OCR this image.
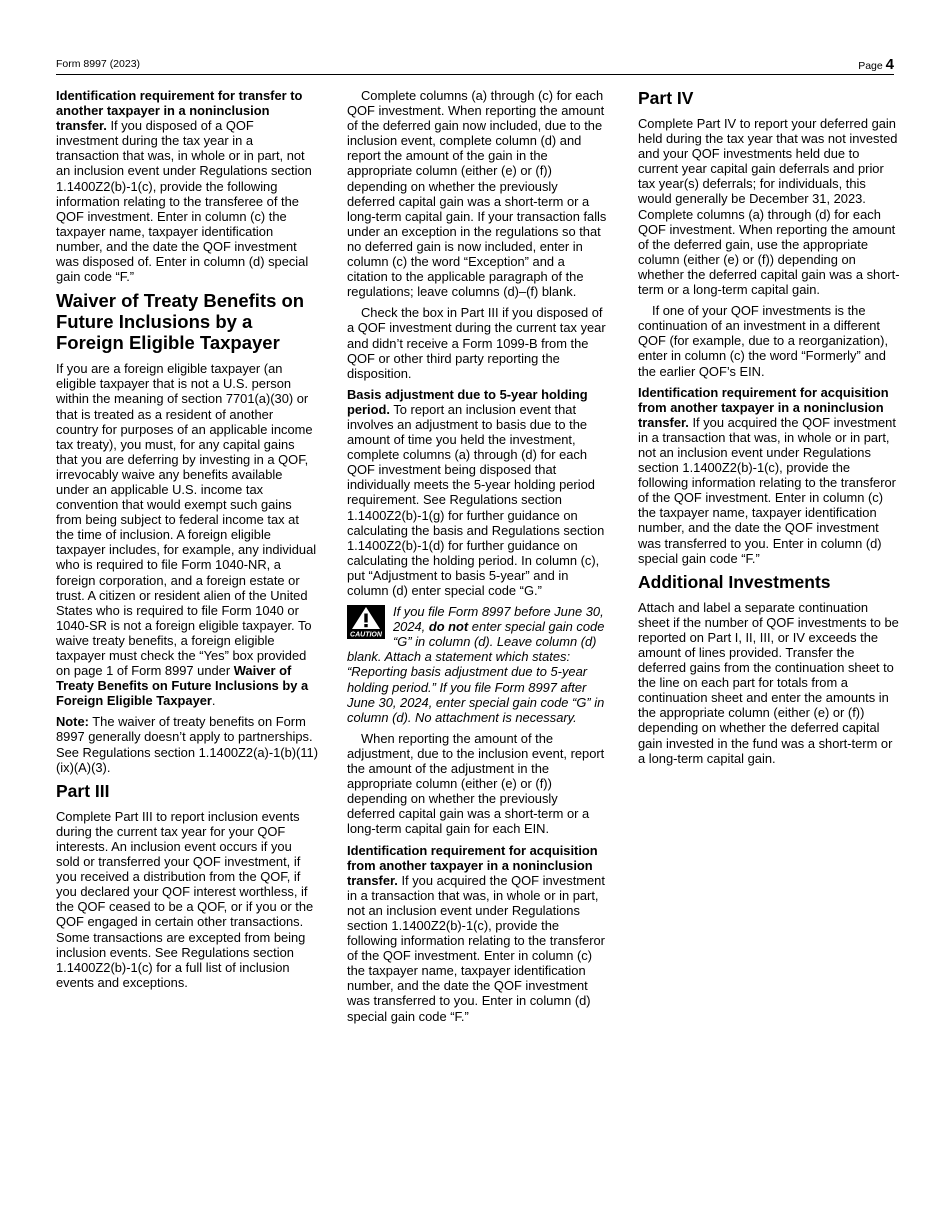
Form 8997 (2023)	Page 4

Identification requirement for transfer to another taxpayer in a noninclusion transfer. If you disposed of a QOF investment during the tax year in a transaction that was, in whole or in part, not an inclusion event under Regulations section 1.1400Z2(b)-1(c), provide the following information relating to the transferee of the QOF investment. Enter in column (c) the taxpayer name, taxpayer identification number, and the date the QOF investment was disposed of. Enter in column (d) special gain code “F.”

Waiver of Treaty Benefits on Future Inclusions by a Foreign Eligible Taxpayer

If you are a foreign eligible taxpayer (an eligible taxpayer that is not a U.S. person within the meaning of section 7701(a)(30) or that is treated as a resident of another country for purposes of an applicable income tax treaty), you must, for any capital gains that you are deferring by investing in a QOF, irrevocably waive any benefits available under an applicable U.S. income tax convention that would exempt such gains from being subject to federal income tax at the time of inclusion. A foreign eligible taxpayer includes, for example, any individual who is required to file Form 1040-NR, a foreign corporation, and a foreign estate or trust. A citizen or resident alien of the United States who is required to file Form 1040 or 1040-SR is not a foreign eligible taxpayer. To waive treaty benefits, a foreign eligible taxpayer must check the “Yes” box provided on page 1 of Form 8997 under Waiver of Treaty Benefits on Future Inclusions by a Foreign Eligible Taxpayer.

Note: The waiver of treaty benefits on Form 8997 generally doesn’t apply to partnerships. See Regulations section 1.1400Z2(a)-1(b)(11)(ix)(A)(3).

Part III

Complete Part III to report inclusion events during the current tax year for your QOF interests. An inclusion event occurs if you sold or transferred your QOF investment, if you received a distribution from the QOF, if you declared your QOF interest worthless, if the QOF ceased to be a QOF, or if you or the QOF engaged in certain other transactions. Some transactions are excepted from being inclusion events. See Regulations section 1.1400Z2(b)-1(c) for a full list of inclusion events and exceptions.

Complete columns (a) through (c) for each QOF investment. When reporting the amount of the deferred gain now included, due to the inclusion event, complete column (d) and report the amount of the gain in the appropriate column (either (e) or (f)) depending on whether the previously deferred capital gain was a short-term or a long-term capital gain. If your transaction falls under an exception in the regulations so that no deferred gain is now included, enter in column (c) the word “Exception” and a citation to the applicable paragraph of the regulations; leave columns (d)–(f) blank.

Check the box in Part III if you disposed of a QOF investment during the current tax year and didn’t receive a Form 1099-B from the QOF or other third party reporting the disposition.

Basis adjustment due to 5-year holding period. To report an inclusion event that involves an adjustment to basis due to the amount of time you held the investment, complete columns (a) through (d) for each QOF investment being disposed that individually meets the 5-year holding period requirement. See Regulations section 1.1400Z2(b)-1(g) for further guidance on calculating the basis and Regulations section 1.1400Z2(b)-1(d) for further guidance on calculating the holding period. In column (c), put “Adjustment to basis 5-year” and in column (d) enter special code “G.”

CAUTION
If you file Form 8997 before June 30, 2024, do not enter special gain code “G” in column (d). Leave column (d) blank. Attach a statement which states: “Reporting basis adjustment due to 5-year holding period.” If you file Form 8997 after June 30, 2024, enter special gain code “G” in column (d). No attachment is necessary.

When reporting the amount of the adjustment, due to the inclusion event, report the amount of the adjustment in the appropriate column (either (e) or (f)) depending on whether the previously deferred capital gain was a short-term or a long-term capital gain for each EIN.

Identification requirement for acquisition from another taxpayer in a noninclusion transfer. If you acquired the QOF investment in a transaction that was, in whole or in part, not an inclusion event under Regulations section 1.1400Z2(b)-1(c), provide the following information relating to the transferor of the QOF investment. Enter in column (c) the taxpayer name, taxpayer identification number, and the date the QOF investment was transferred to you. Enter in column (d) special gain code “F.”

Part IV

Complete Part IV to report your deferred gain held during the tax year that was not invested and your QOF investments held due to current year capital gain deferrals and prior tax year(s) deferrals; for individuals, this would generally be December 31, 2023. Complete columns (a) through (d) for each QOF investment. When reporting the amount of the deferred gain, use the appropriate column (either (e) or (f)) depending on whether the deferred capital gain was a short-term or a long-term capital gain.

If one of your QOF investments is the continuation of an investment in a different QOF (for example, due to a reorganization), enter in column (c) the word “Formerly” and the earlier QOF’s EIN.

Identification requirement for acquisition from another taxpayer in a noninclusion transfer. If you acquired the QOF investment in a transaction that was, in whole or in part, not an inclusion event under Regulations section 1.1400Z2(b)-1(c), provide the following information relating to the transferor of the QOF investment. Enter in column (c) the taxpayer name, taxpayer identification number, and the date the QOF investment was transferred to you. Enter in column (d) special gain code “F.”

Additional Investments

Attach and label a separate continuation sheet if the number of QOF investments to be reported on Part I, II, III, or IV exceeds the amount of lines provided. Transfer the deferred gains from the continuation sheet to the line on each part for totals from a continuation sheet and enter the amounts in the appropriate column (either (e) or (f)) depending on whether the deferred capital gain invested in the fund was a short-term or a long-term capital gain.
